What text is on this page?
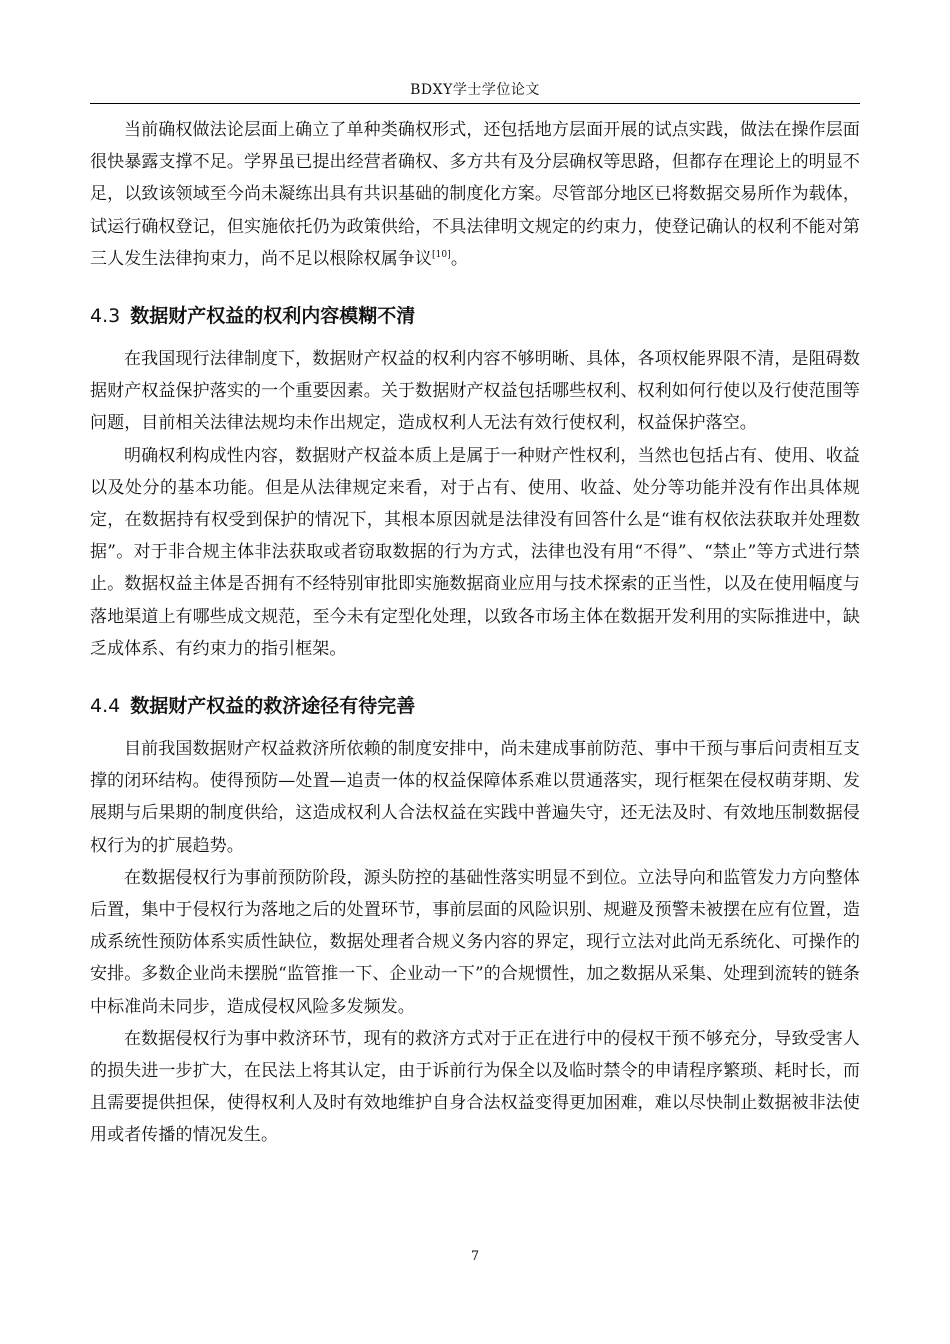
BDXY学士学位论文

当前确权做法论层面上确立了单种类确权形式，还包括地方层面开展的试点实践，做法在操作层面很快暴露支撑不足。学界虽已提出经营者确权、多方共有及分层确权等思路，但都存在理论上的明显不足，以致该领域至今尚未凝练出具有共识基础的制度化方案。尽管部分地区已将数据交易所作为载体，试运行确权登记，但实施依托仍为政策供给，不具法律明文规定的约束力，使登记确认的权利不能对第三人发生法律拘束力，尚不足以根除权属争议[10]。

4.3 数据财产权益的权利内容模糊不清

在我国现行法律制度下，数据财产权益的权利内容不够明晰、具体，各项权能界限不清，是阻碍数据财产权益保护落实的一个重要因素。关于数据财产权益包括哪些权利、权利如何行使以及行使范围等问题，目前相关法律法规均未作出规定，造成权利人无法有效行使权利，权益保护落空。

明确权利构成性内容，数据财产权益本质上是属于一种财产性权利，当然也包括占有、使用、收益以及处分的基本功能。但是从法律规定来看，对于占有、使用、收益、处分等功能并没有作出具体规定，在数据持有权受到保护的情况下，其根本原因就是法律没有回答什么是“谁有权依法获取并处理数据”。对于非合规主体非法获取或者窃取数据的行为方式，法律也没有用“不得”、“禁止”等方式进行禁止。数据权益主体是否拥有不经特别审批即实施数据商业应用与技术探索的正当性，以及在使用幅度与落地渠道上有哪些成文规范，至今未有定型化处理，以致各市场主体在数据开发利用的实际推进中，缺乏成体系、有约束力的指引框架。

4.4 数据财产权益的救济途径有待完善

目前我国数据财产权益救济所依赖的制度安排中，尚未建成事前防范、事中干预与事后问责相互支撑的闭环结构。使得预防—处置—追责一体的权益保障体系难以贯通落实，现行框架在侵权萌芽期、发展期与后果期的制度供给，这造成权利人合法权益在实践中普遍失守，还无法及时、有效地压制数据侵权行为的扩展趋势。

在数据侵权行为事前预防阶段，源头防控的基础性落实明显不到位。立法导向和监管发力方向整体后置，集中于侵权行为落地之后的处置环节，事前层面的风险识别、规避及预警未被摆在应有位置，造成系统性预防体系实质性缺位，数据处理者合规义务内容的界定，现行立法对此尚无系统化、可操作的安排。多数企业尚未摆脱“监管推一下、企业动一下”的合规惯性，加之数据从采集、处理到流转的链条中标准尚未同步，造成侵权风险多发频发。

在数据侵权行为事中救济环节，现有的救济方式对于正在进行中的侵权干预不够充分，导致受害人的损失进一步扩大，在民法上将其认定，由于诉前行为保全以及临时禁令的申请程序繁琐、耗时长，而且需要提供担保，使得权利人及时有效地维护自身合法权益变得更加困难，难以尽快制止数据被非法使用或者传播的情况发生。

7
